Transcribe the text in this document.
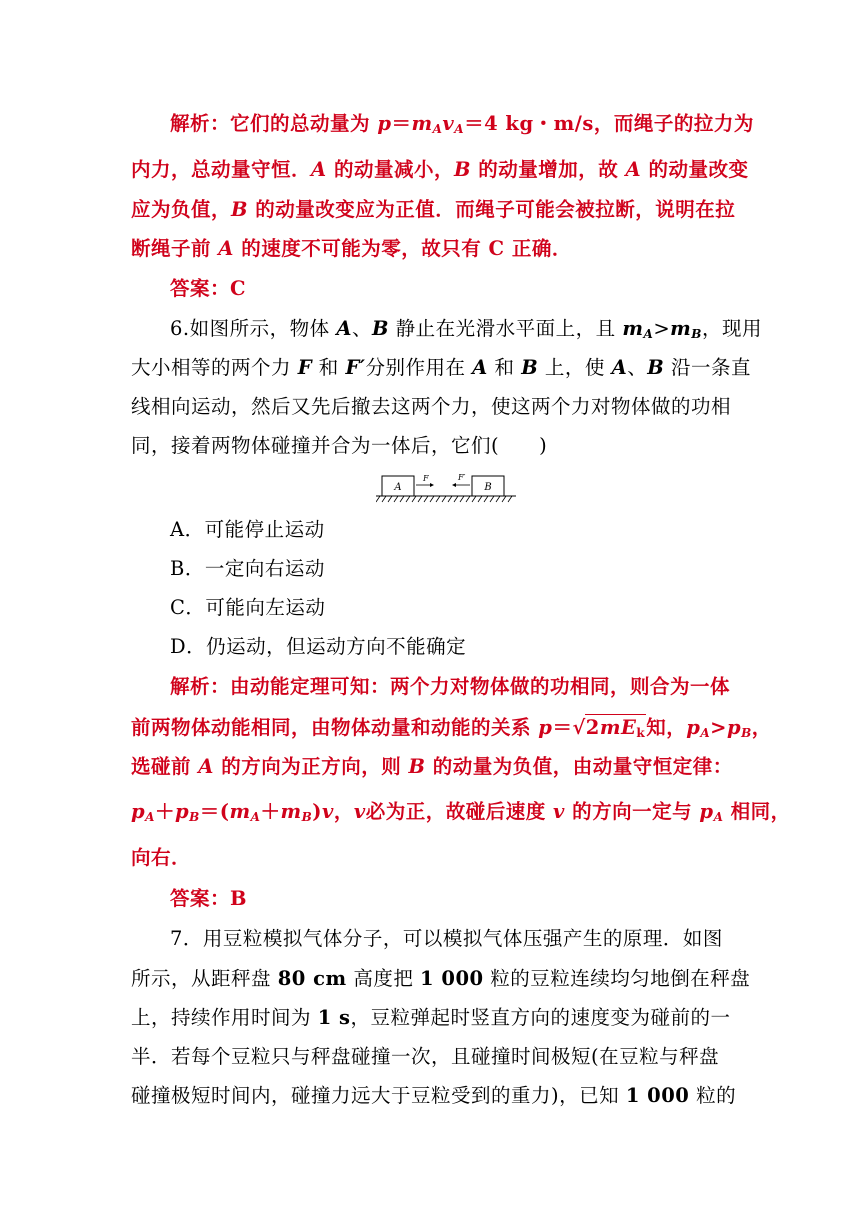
解析：它们的总动量为 $p=m_Av_A=4$ kg・m/s，而绳子的拉力为
内力，总动量守恒．A 的动量减小，B 的动量增加，故 A 的动量改变
应为负值，B 的动量改变应为正值．而绳子可能会被拉断，说明在拉
断绳子前 A 的速度不可能为零，故只有 C 正确．
答案：C
6.如图所示，物体 A、B 静止在光滑水平面上，且 $m_A>m_B$，现用
大小相等的两个力 F 和 F′分别作用在 A 和 B 上，使 A、B 沿一条直
线相向运动，然后又先后撤去这两个力，使这两个力对物体做的功相
同，接着两物体碰撞并合为一体后，它们(　　)
A	B
F	F′
A．可能停止运动
B．一定向右运动
C．可能向左运动
D．仍运动，但运动方向不能确定
解析：由动能定理可知：两个力对物体做的功相同，则合为一体
前两物体动能相同，由物体动量和动能的关系 $p=√2mE_k$知，$p_A>p_B$，
选碰前 A 的方向为正方向，则 B 的动量为负值，由动量守恒定律：
$p_A+p_B=(m_A+m_B)v$，v必为正，故碰后速度 v 的方向一定与 $p_A$ 相同，
向右．
答案：B
7．用豆粒模拟气体分子，可以模拟气体压强产生的原理．如图
所示，从距秤盘 80 cm 高度把 1 000 粒的豆粒连续均匀地倒在秤盘
上，持续作用时间为 1 s，豆粒弹起时竖直方向的速度变为碰前的一
半．若每个豆粒只与秤盘碰撞一次，且碰撞时间极短(在豆粒与秤盘
碰撞极短时间内，碰撞力远大于豆粒受到的重力)，已知 1 000 粒的
